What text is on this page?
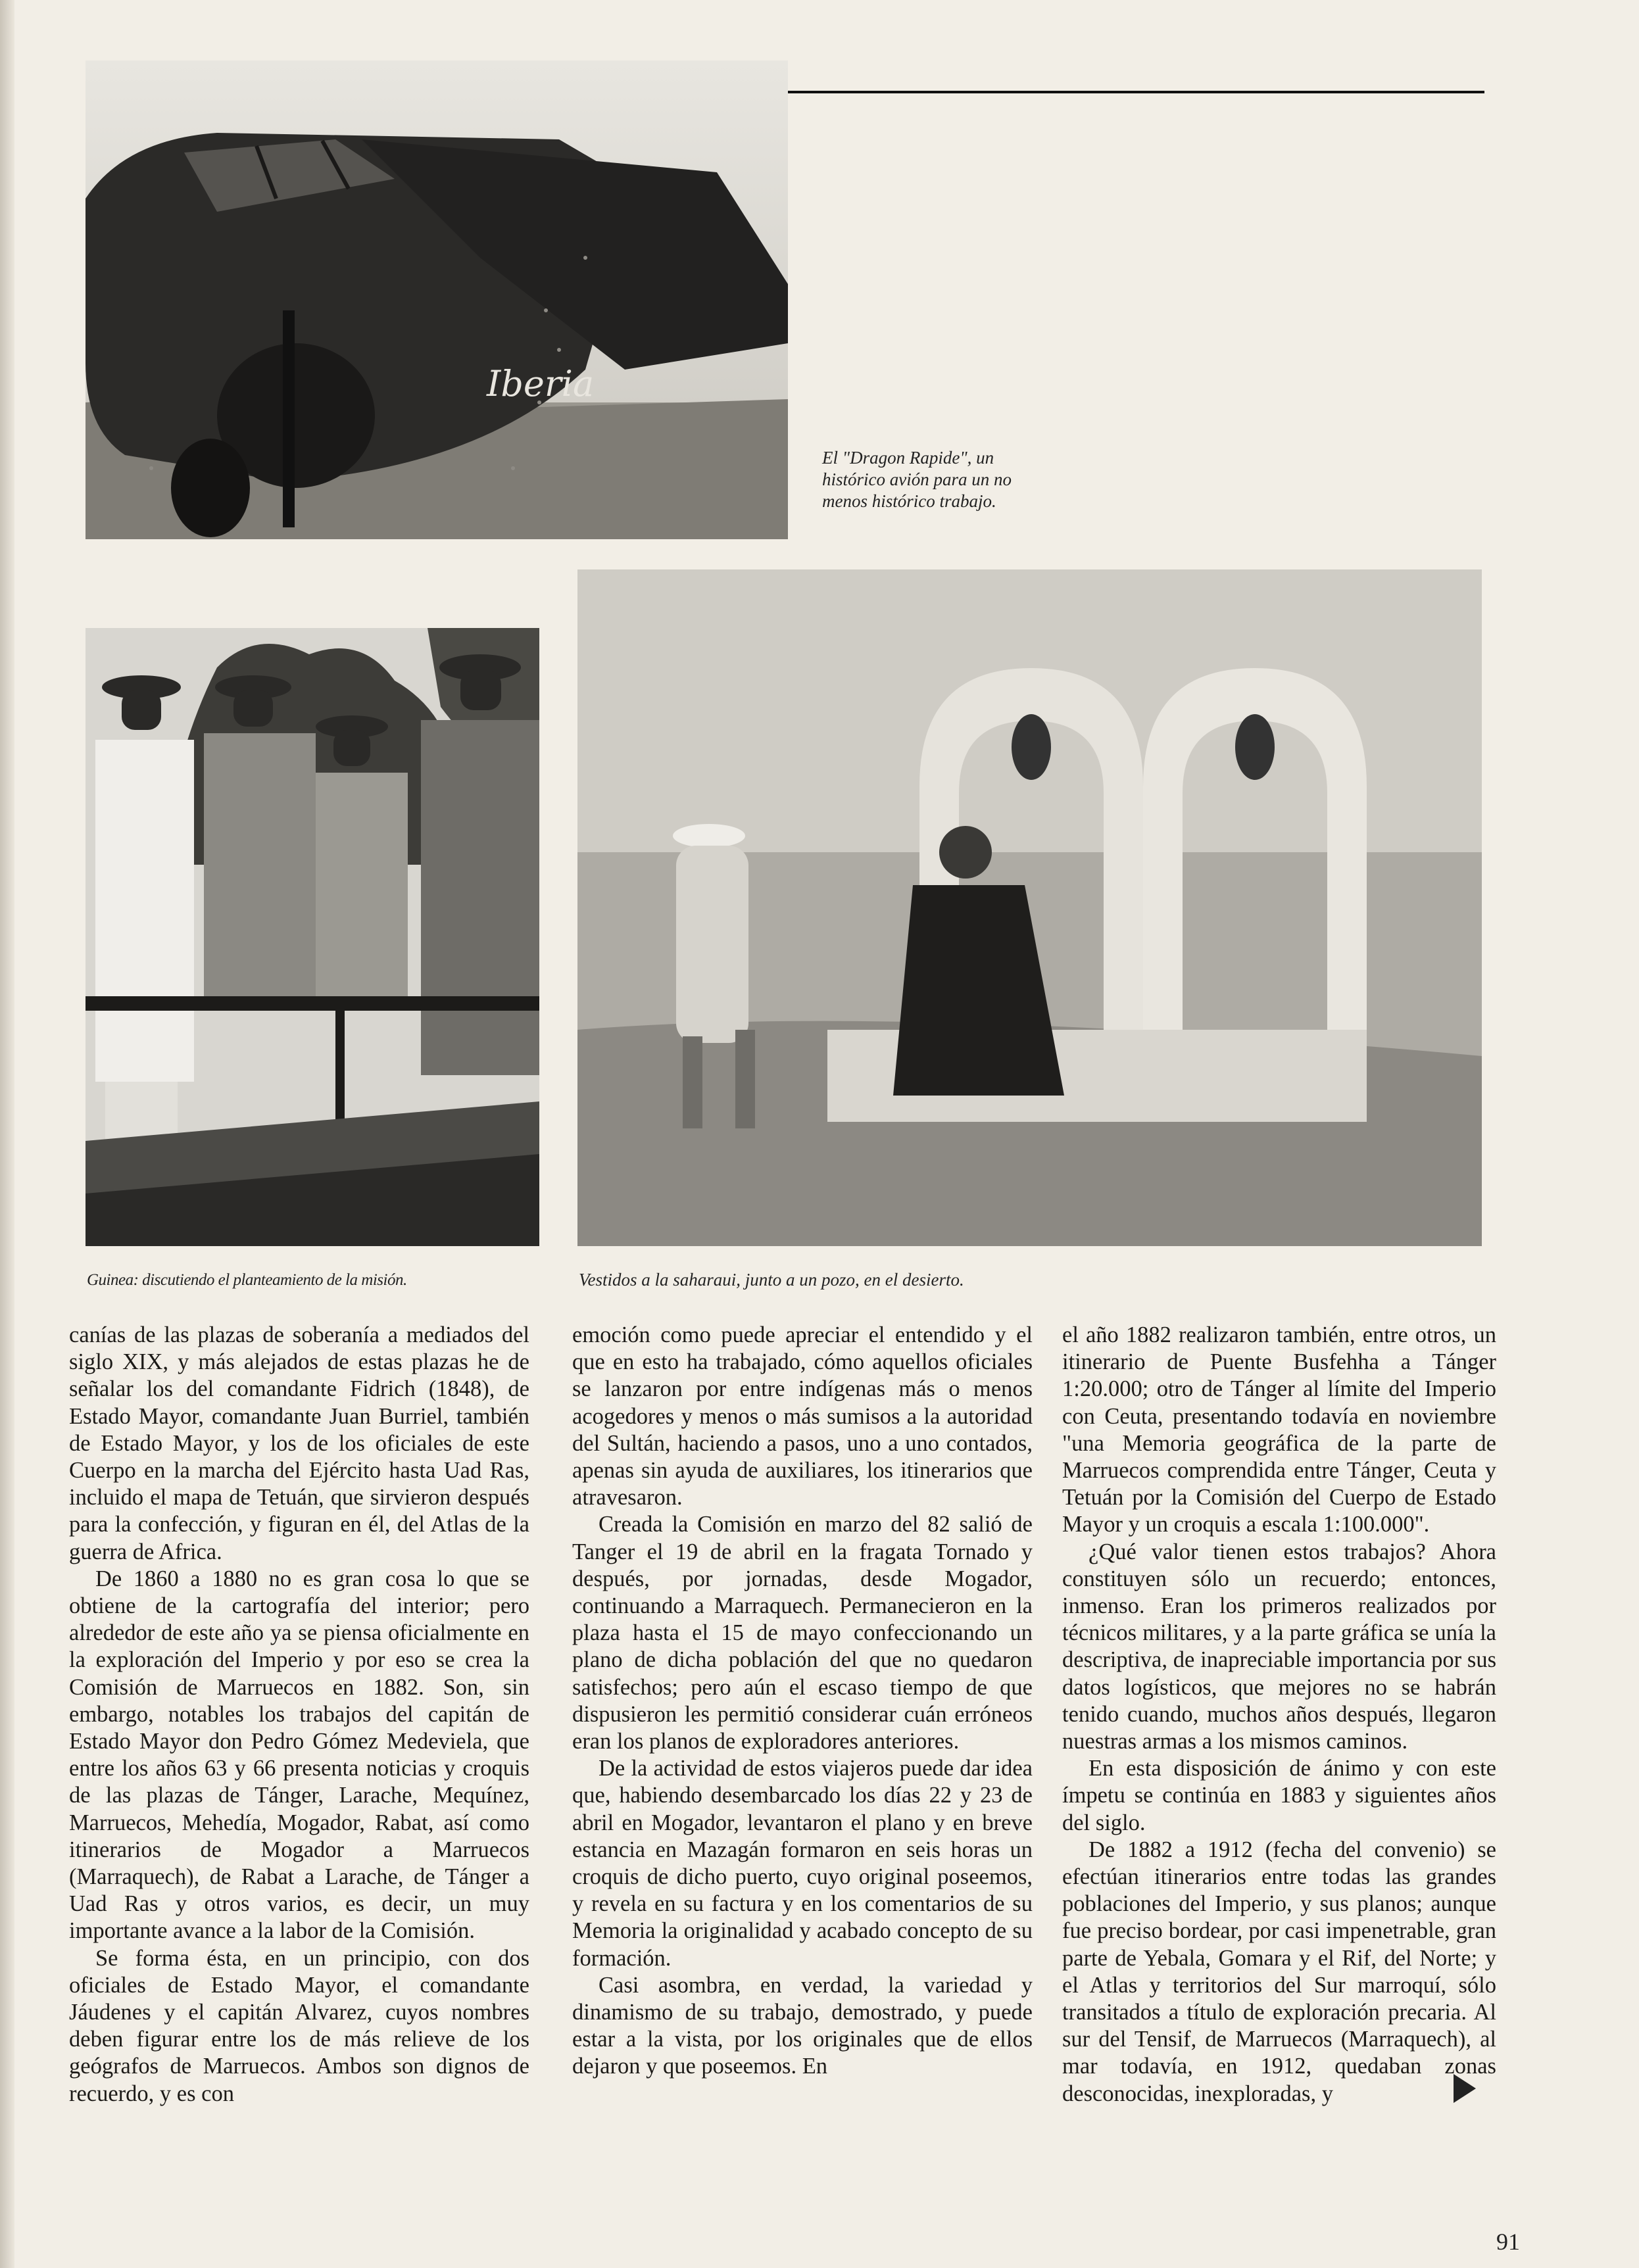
Iberia
El "Dragon Rapide", un histórico avión para un no menos histórico trabajo.
Guinea: discutiendo el planteamiento de la misión.	Vestidos a la saharaui, junto a un pozo, en el desierto.

canías de las plazas de soberanía a mediados del siglo XIX, y más alejados de estas plazas he de señalar los del comandante Fidrich (1848), de Estado Mayor, comandante Juan Burriel, también de Estado Mayor, y los de los oficiales de este Cuerpo en la marcha del Ejército hasta Uad Ras, incluido el mapa de Tetuán, que sirvieron después para la confección, y figuran en él, del Atlas de la guerra de Africa.

De 1860 a 1880 no es gran cosa lo que se obtiene de la cartografía del interior; pero alrededor de este año ya se piensa oficialmente en la exploración del Imperio y por eso se crea la Comisión de Marruecos en 1882. Son, sin embargo, notables los trabajos del capitán de Estado Mayor don Pedro Gómez Medeviela, que entre los años 63 y 66 presenta noticias y croquis de las plazas de Tánger, Larache, Mequínez, Marruecos, Mehedía, Mogador, Rabat, así como itinerarios de Mogador a Marruecos (Marraquech), de Rabat a Larache, de Tánger a Uad Ras y otros varios, es decir, un muy importante avance a la labor de la Comisión.

Se forma ésta, en un principio, con dos oficiales de Estado Mayor, el comandante Jáudenes y el capitán Alvarez, cuyos nombres deben figurar entre los de más relieve de los geógrafos de Marruecos. Ambos son dignos de recuerdo, y es con

emoción como puede apreciar el entendido y el que en esto ha trabajado, cómo aquellos oficiales se lanzaron por entre indígenas más o menos acogedores y menos o más sumisos a la autoridad del Sultán, haciendo a pasos, uno a uno contados, apenas sin ayuda de auxiliares, los itinerarios que atravesaron.

Creada la Comisión en marzo del 82 salió de Tanger el 19 de abril en la fragata Tornado y después, por jornadas, desde Mogador, continuando a Marraquech. Permanecieron en la plaza hasta el 15 de mayo confeccionando un plano de dicha población del que no quedaron satisfechos; pero aún el escaso tiempo de que dispusieron les permitió considerar cuán erróneos eran los planos de exploradores anteriores.

De la actividad de estos viajeros puede dar idea que, habiendo desembarcado los días 22 y 23 de abril en Mogador, levantaron el plano y en breve estancia en Mazagán formaron en seis horas un croquis de dicho puerto, cuyo original poseemos, y revela en su factura y en los comentarios de su Memoria la originalidad y acabado concepto de su formación.

Casi asombra, en verdad, la variedad y dinamismo de su trabajo, demostrado, y puede estar a la vista, por los originales que de ellos dejaron y que poseemos. En

el año 1882 realizaron también, entre otros, un itinerario de Puente Busfehha a Tánger 1:20.000; otro de Tánger al límite del Imperio con Ceuta, presentando todavía en noviembre "una Memoria geográfica de la parte de Marruecos comprendida entre Tánger, Ceuta y Tetuán por la Comisión del Cuerpo de Estado Mayor y un croquis a escala 1:100.000".

¿Qué valor tienen estos trabajos? Ahora constituyen sólo un recuerdo; entonces, inmenso. Eran los primeros realizados por técnicos militares, y a la parte gráfica se unía la descriptiva, de inapreciable importancia por sus datos logísticos, que mejores no se habrán tenido cuando, muchos años después, llegaron nuestras armas a los mismos caminos.

En esta disposición de ánimo y con este ímpetu se continúa en 1883 y siguientes años del siglo.

De 1882 a 1912 (fecha del convenio) se efectúan itinerarios entre todas las grandes poblaciones del Imperio, y sus planos; aunque fue preciso bordear, por casi impenetrable, gran parte de Yebala, Gomara y el Rif, del Norte; y el Atlas y territorios del Sur marroquí, sólo transitados a título de exploración precaria. Al sur del Tensif, de Marruecos (Marraquech), al mar todavía, en 1912, quedaban zonas desconocidas, inexploradas, y

91
